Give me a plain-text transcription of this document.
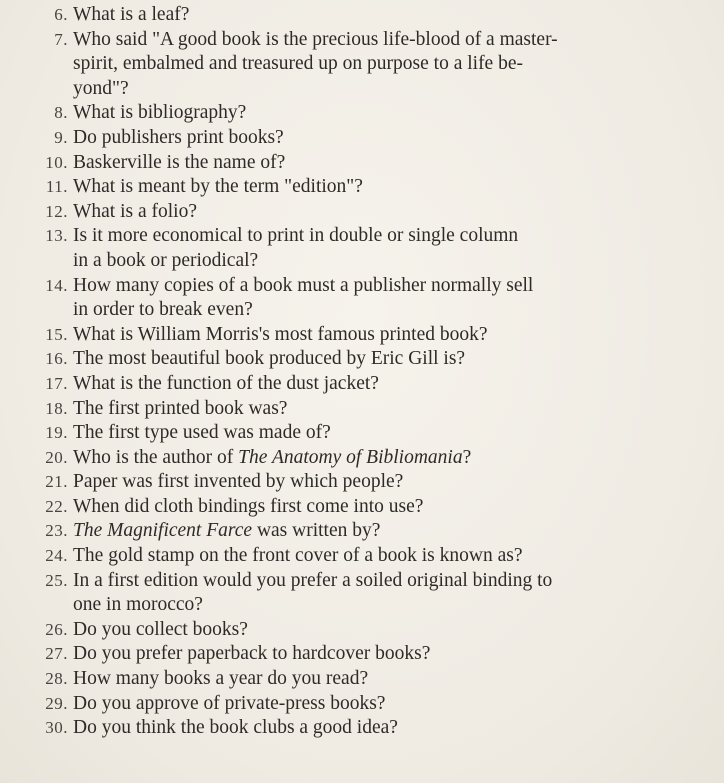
6. What is a leaf?
7. Who said "A good book is the precious life-blood of a master-
spirit, embalmed and treasured up on purpose to a life be-
yond"?
8. What is bibliography?
9. Do publishers print books?
10. Baskerville is the name of?
11. What is meant by the term "edition"?
12. What is a folio?
13. Is it more economical to print in double or single column
in a book or periodical?
14. How many copies of a book must a publisher normally sell
in order to break even?
15. What is William Morris's most famous printed book?
16. The most beautiful book produced by Eric Gill is?
17. What is the function of the dust jacket?
18. The first printed book was?
19. The first type used was made of?
20. Who is the author of The Anatomy of Bibliomania?
21. Paper was first invented by which people?
22. When did cloth bindings first come into use?
23. The Magnificent Farce was written by?
24. The gold stamp on the front cover of a book is known as?
25. In a first edition would you prefer a soiled original binding to
one in morocco?
26. Do you collect books?
27. Do you prefer paperback to hardcover books?
28. How many books a year do you read?
29. Do you approve of private-press books?
30. Do you think the book clubs a good idea?
